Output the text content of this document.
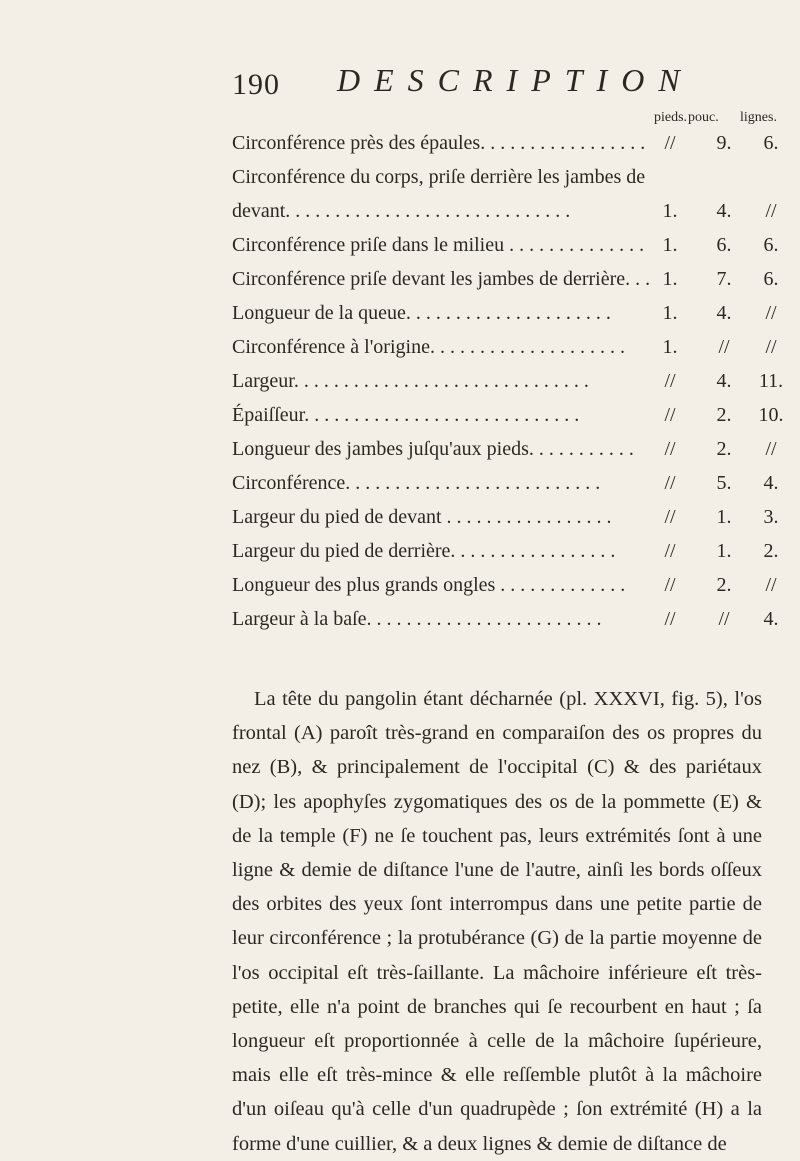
190 DESCRIPTION
pieds. pouc. lignes.
Circonférence près des épaules. . . . . . . . . . . . . . . . . //	9.	6.
Circonférence du corps, priſe derrière les jambes de devant. . . . . . . . . . . . . . . . . . . . . . . . . . . . .	1.	4.	//
Circonférence priſe dans le milieu . . . . . . . . . . . . . . 1.	6.	6.
Circonférence priſe devant les jambes de derrière. . . 1.	7.	6.
Longueur de la queue. . . . . . . . . . . . . . . . . . . . .	1.	4.	//
Circonférence à l'origine. . . . . . . . . . . . . . . . . . . .	1.	//	//
Largeur. . . . . . . . . . . . . . . . . . . . . . . . . . . . . .	//	4.	11.
Épaiſſeur. . . . . . . . . . . . . . . . . . . . . . . . . . . .	//	2.	10.
Longueur des jambes juſqu'aux pieds. . . . . . . . . . .	//	2.	//
Circonférence. . . . . . . . . . . . . . . . . . . . . . . . . .	//	5.	4.
Largeur du pied de devant . . . . . . . . . . . . . . . . .	//	1.	3.
Largeur du pied de derrière. . . . . . . . . . . . . . . . .	//	1.	2.
Longueur des plus grands ongles . . . . . . . . . . . . .	//	2.	//
Largeur à la baſe. . . . . . . . . . . . . . . . . . . . . . . .	//	//	4.

La tête du pangolin étant décharnée (pl. XXXVI, fig. 5), l'os frontal (A) paroît très-grand en comparaiſon des os propres du nez (B), & principalement de l'occipital (C) & des pariétaux (D); les apophyſes zygomatiques des os de la pommette (E) & de la temple (F) ne ſe touchent pas, leurs extrémités ſont à une ligne & demie de diſtance l'une de l'autre, ainſi les bords oſſeux des orbites des yeux ſont interrompus dans une petite partie de leur circonférence ; la protubérance (G) de la partie moyenne de l'os occipital eſt très-ſaillante. La mâchoire inférieure eſt très-petite, elle n'a point de branches qui ſe recourbent en haut ; ſa longueur eſt proportionnée à celle de la mâchoire ſupérieure, mais elle eſt très-mince & elle reſſemble plutôt à la mâchoire d'un oiſeau qu'à celle d'un quadrupède ; ſon extrémité (H) a la forme d'une cuillier, & a deux lignes & demie de diſtance de
